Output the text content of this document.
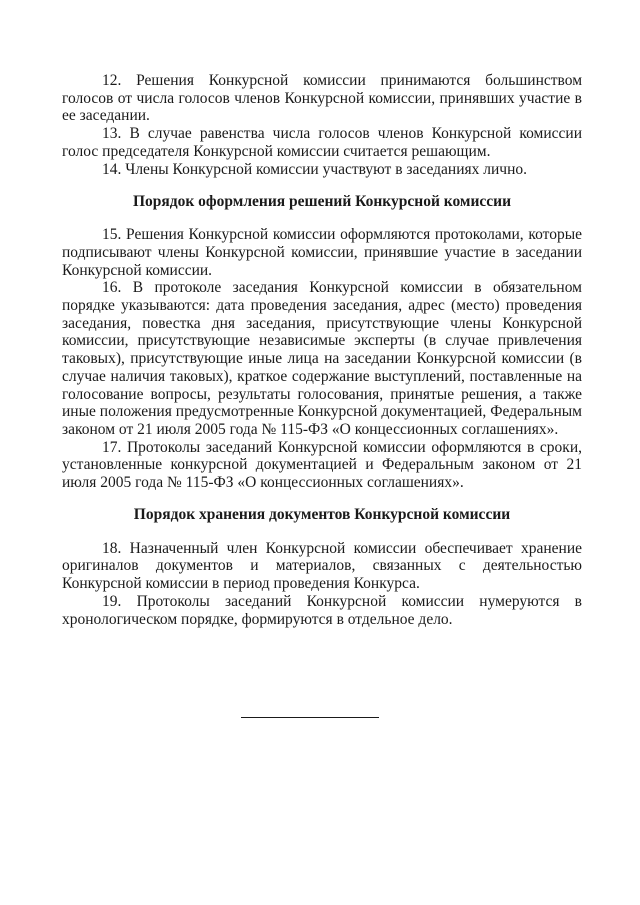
12. Решения Конкурсной комиссии принимаются большинством голосов от числа голосов членов Конкурсной комиссии, принявших участие в ее заседании.

13. В случае равенства числа голосов членов Конкурсной комиссии голос председателя Конкурсной комиссии считается решающим.

14. Члены Конкурсной комиссии участвуют в заседаниях лично.

Порядок оформления решений Конкурсной комиссии

15. Решения Конкурсной комиссии оформляются протоколами, которые подписывают члены Конкурсной комиссии, принявшие участие в заседании Конкурсной комиссии.

16. В протоколе заседания Конкурсной комиссии в обязательном порядке указываются: дата проведения заседания, адрес (место) проведения заседания, повестка дня заседания, присутствующие члены Конкурсной комиссии, присутствующие независимые эксперты (в случае привлечения таковых), присутствующие иные лица на заседании Конкурсной комиссии (в случае наличия таковых), краткое содержание выступлений, поставленные на голосование вопросы, результаты голосования, принятые решения, а также иные положения предусмотренные Конкурсной документацией, Федеральным законом от 21 июля 2005 года № 115-ФЗ «О концессионных соглашениях».

17. Протоколы заседаний Конкурсной комиссии оформляются в сроки, установленные конкурсной документацией и Федеральным законом от 21 июля 2005 года № 115-ФЗ «О концессионных соглашениях».

Порядок хранения документов Конкурсной комиссии

18. Назначенный член Конкурсной комиссии обеспечивает хранение оригиналов документов и материалов, связанных с деятельностью Конкурсной комиссии в период проведения Конкурса.

19. Протоколы заседаний Конкурсной комиссии нумеруются в хронологическом порядке, формируются в отдельное дело.
